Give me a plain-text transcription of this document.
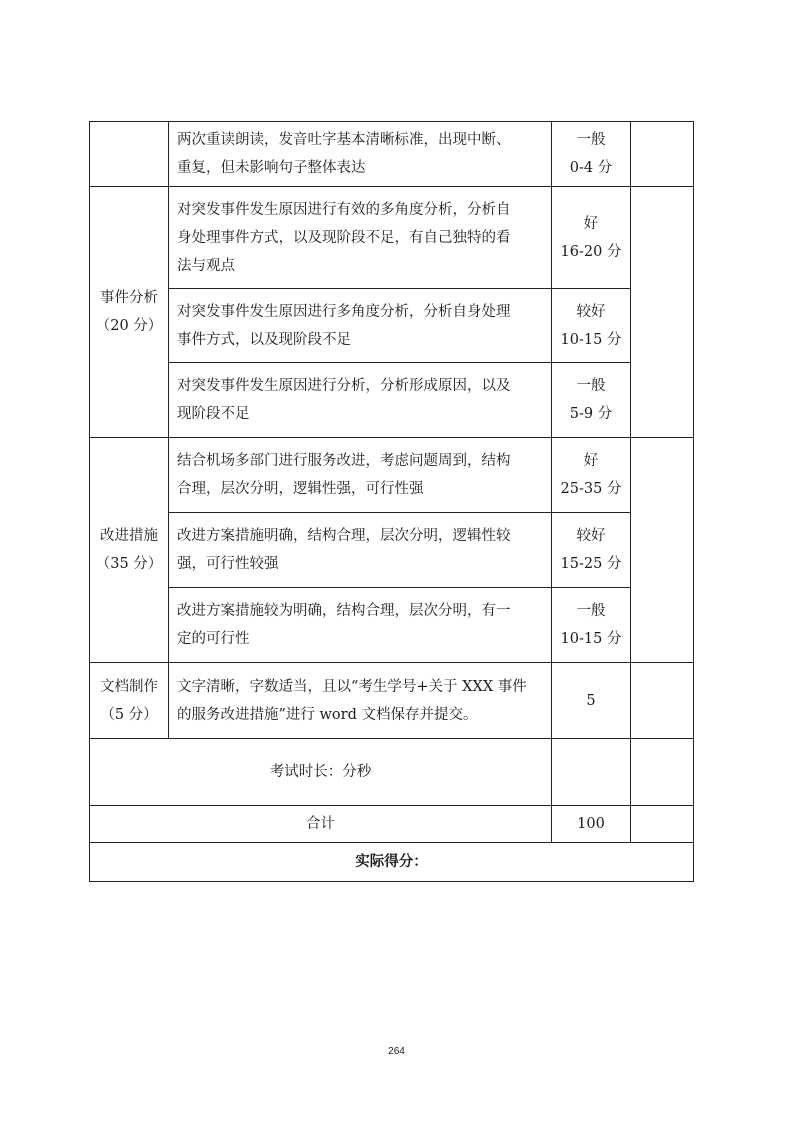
	两次重读朗读，发音吐字基本清晰标准，出现中断、
重复，但未影响句子整体表达	一般
0-4 分	

事件分析
（20 分）	对突发事件发生原因进行有效的多角度分析，分析自
身处理事件方式，以及现阶段不足，有自己独特的看
法与观点	好
16-20 分	

	对突发事件发生原因进行多角度分析，分析自身处理
事件方式，以及现阶段不足	较好
10-15 分	

	对突发事件发生原因进行分析，分析形成原因，以及
现阶段不足	一般
5-9 分	

改进措施
（35 分）	结合机场多部门进行服务改进，考虑问题周到，结构
合理，层次分明，逻辑性强，可行性强	好
25-35 分	

	改进方案措施明确，结构合理，层次分明，逻辑性较
强，可行性较强	较好
15-25 分	

	改进方案措施较为明确，结构合理，层次分明，有一
定的可行性	一般
10-15 分	

文档制作
（5 分）	文字清晰，字数适当，且以“考生学号+关于 XXX 事件
的服务改进措施”进行 word 文档保存并提交。	5	
考试时长：分秒			
合计		100	
实际得分：			
264
